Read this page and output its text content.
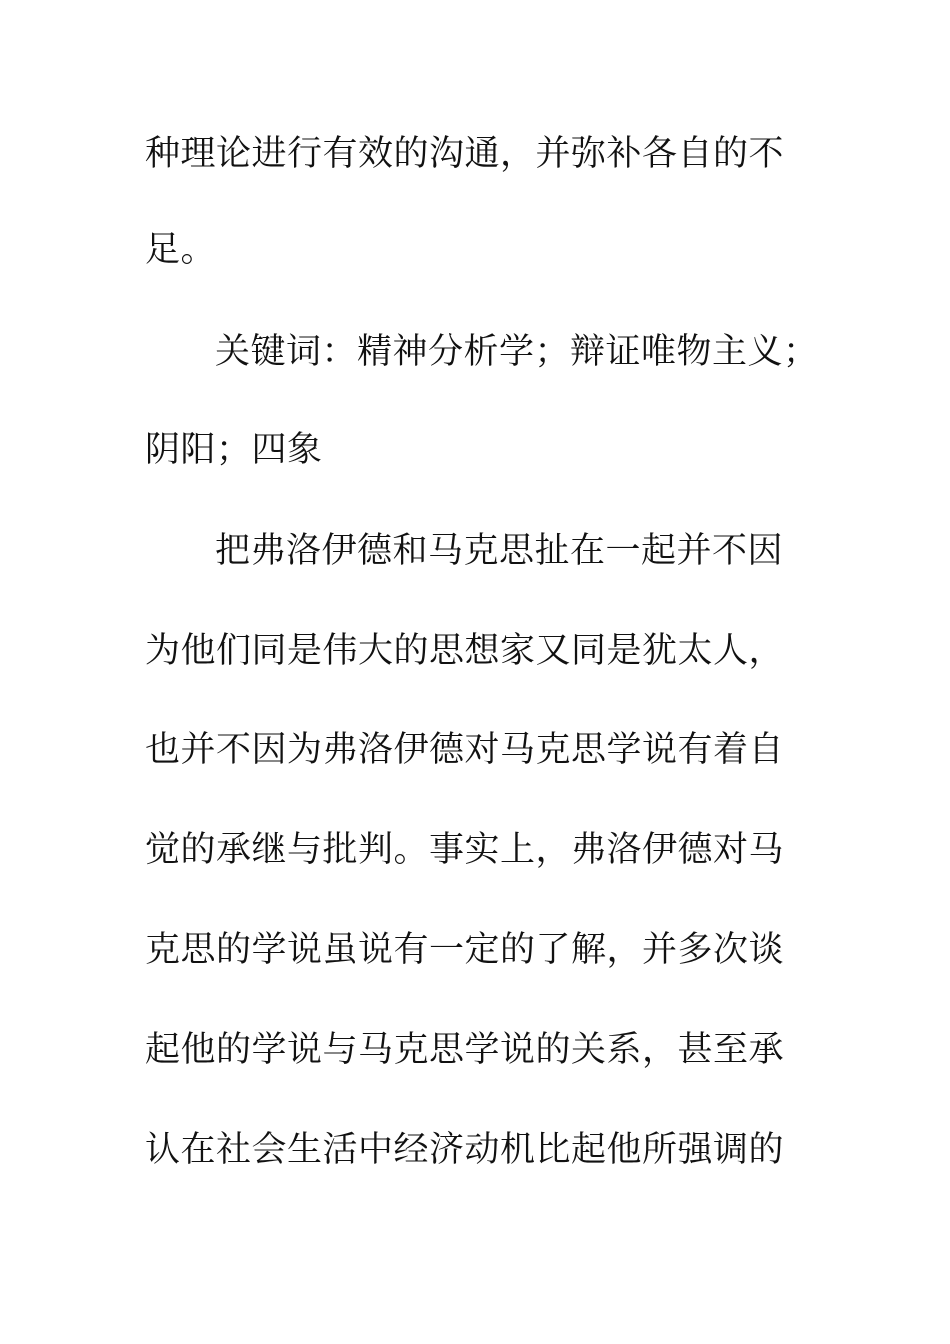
种理论进行有效的沟通，并弥补各自的不
足。
关键词：精神分析学；辩证唯物主义；
阴阳；四象
把弗洛伊德和马克思扯在一起并不因
为他们同是伟大的思想家又同是犹太人，
也并不因为弗洛伊德对马克思学说有着自
觉的承继与批判。事实上，弗洛伊德对马
克思的学说虽说有一定的了解，并多次谈
起他的学说与马克思学说的关系，甚至承
认在社会生活中经济动机比起他所强调的
